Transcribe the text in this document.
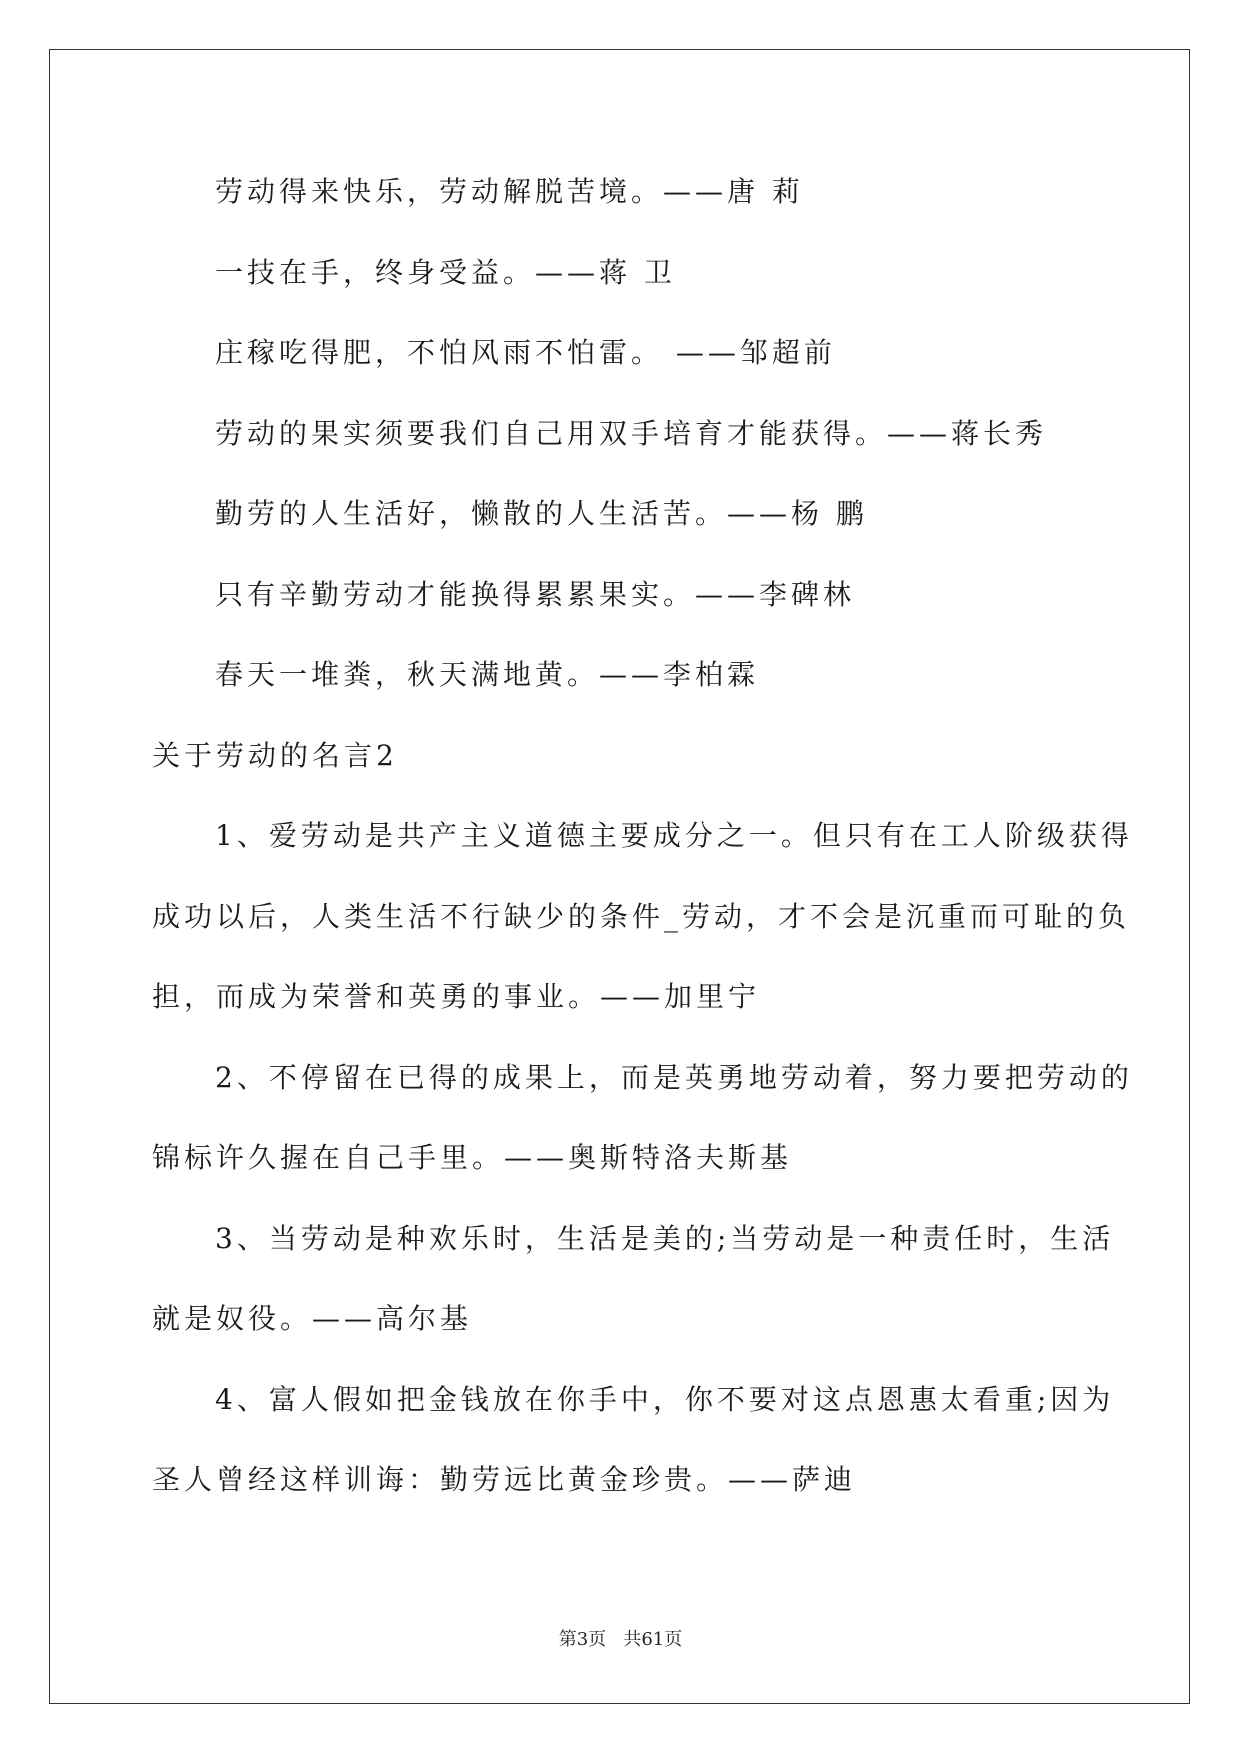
劳动得来快乐，劳动解脱苦境。——唐 莉
一技在手，终身受益。——蒋 卫
庄稼吃得肥，不怕风雨不怕雷。 ——邹超前
劳动的果实须要我们自己用双手培育才能获得。——蒋长秀
勤劳的人生活好，懒散的人生活苦。——杨 鹏
只有辛勤劳动才能换得累累果实。——李碑林
春天一堆粪，秋天满地黄。——李柏霖
关于劳动的名言2
1、爱劳动是共产主义道德主要成分之一。但只有在工人阶级获得
成功以后，人类生活不行缺少的条件_劳动，才不会是沉重而可耻的负
担，而成为荣誉和英勇的事业。——加里宁
2、不停留在已得的成果上，而是英勇地劳动着，努力要把劳动的
锦标许久握在自己手里。——奥斯特洛夫斯基
3、当劳动是种欢乐时，生活是美的;当劳动是一种责任时，生活
就是奴役。——高尔基
4、富人假如把金钱放在你手中，你不要对这点恩惠太看重;因为
圣人曾经这样训诲：勤劳远比黄金珍贵。——萨迪
第3页   共61页
